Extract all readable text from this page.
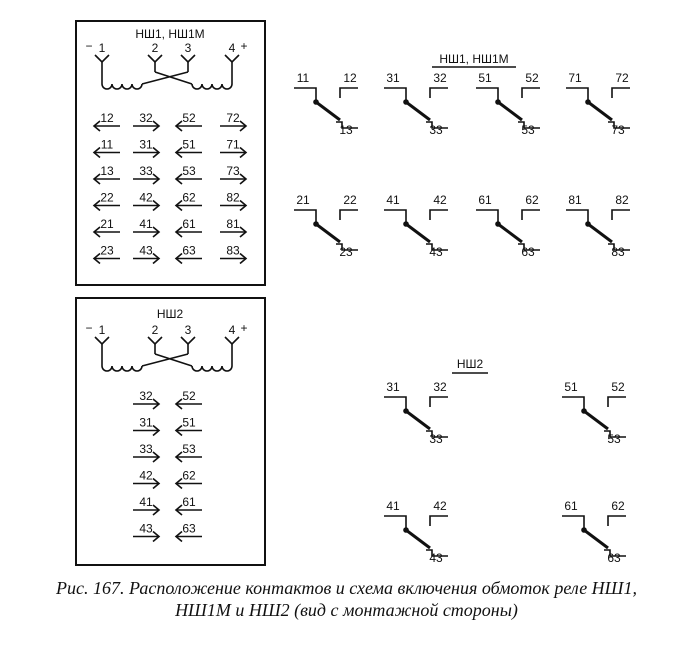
НШ1, НШ1М
1
−	2 3	4 +
12 32 52	72
11 31 51	71
13 33 53	73
22 42 62	82
21 41 61	81
23 43 63	83
НШ2
1
−	2 3	4 +
32 52
31 51
33 53
42 62
41 61
43 63
НШ1, НШ1М
11	12
13
31	32
33
51	52
53
71	72
73
21	22
23
41	42
43
61	62
63
81	82
83
НШ2
31	32
33
51	52
53
41	42
43
61	62
63
Рис. 167. Расположение контактов и схема включения обмоток реле НШ1,
НШ1М и НШ2 (вид с монтажной стороны)
